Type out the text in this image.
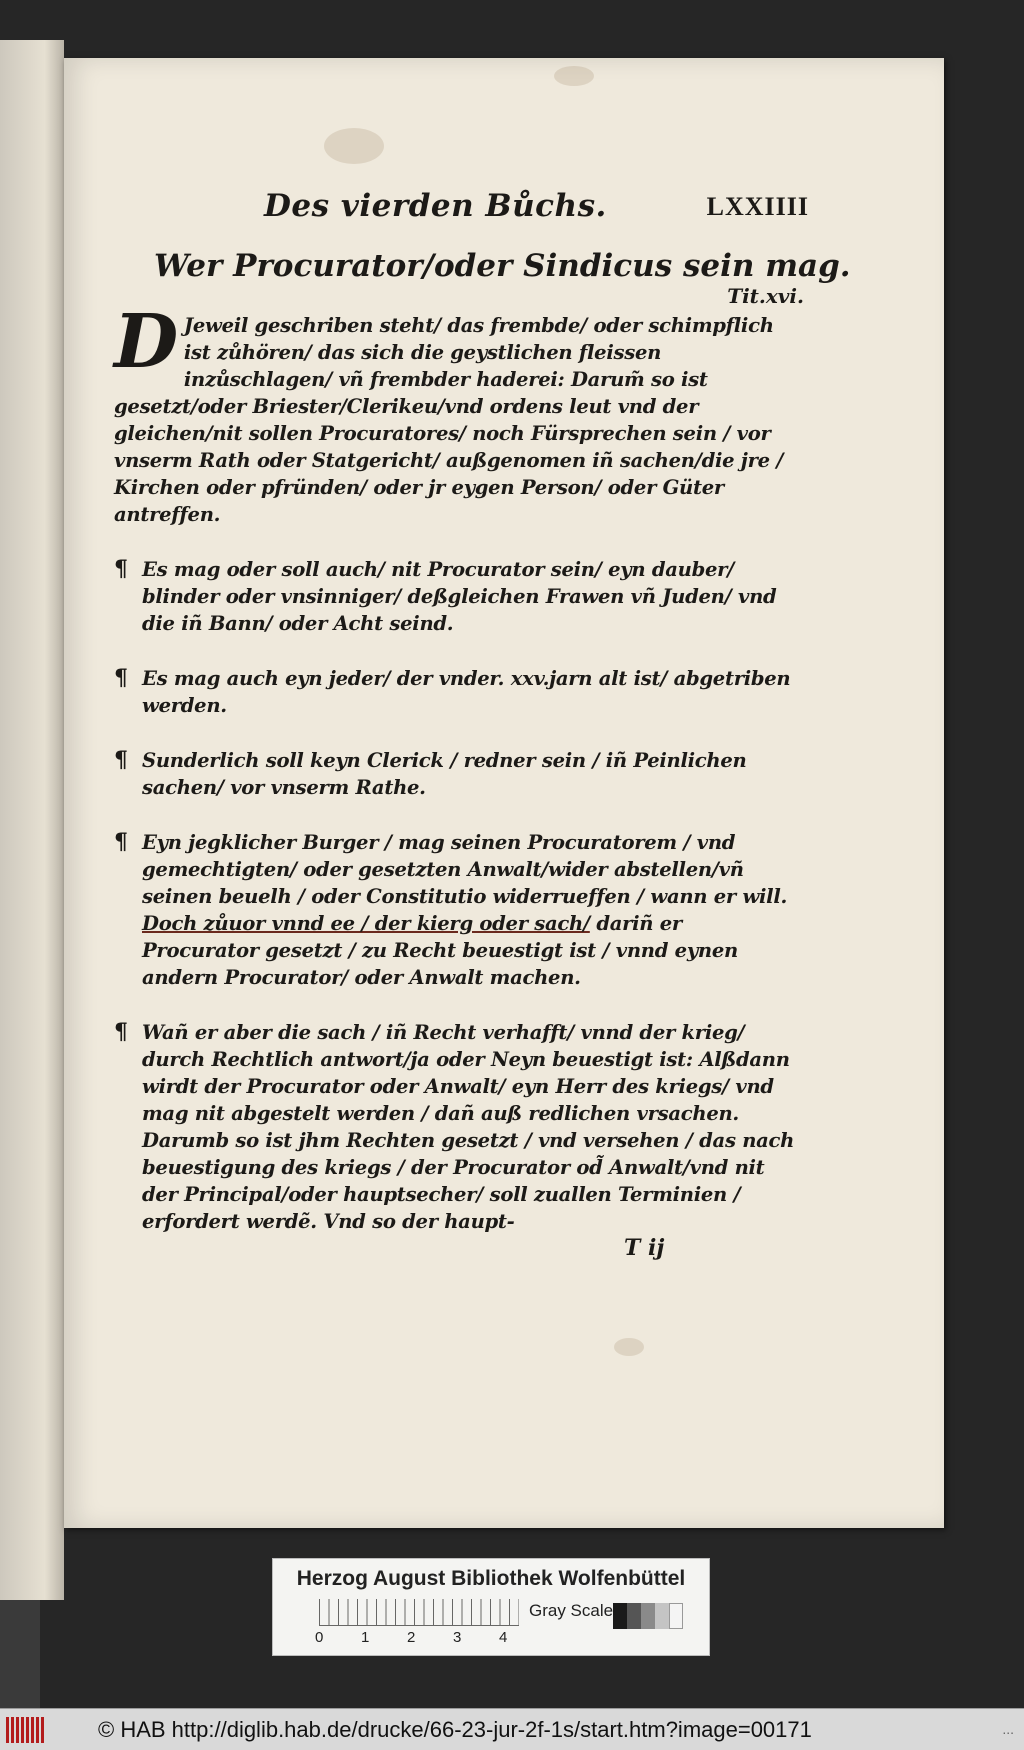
Des vierden Bůchs.	LXXIIII
Wer Procurator/oder Sindicus sein mag.
Tit.xvi.

D Jeweil geschriben steht/ das frembde/ oder schimpflich ist zůhören/ das sich die geystlichen fleissen inzůschlagen/ vñ frembder haderei: Darum̃ so ist gesetzt/oder Briester/Clerikeu/vnd ordens leut vnd der gleichen/nit sollen Procuratores/ noch Fürsprechen sein / vor vnserm Rath oder Statgericht/ außgenomen iñ sachen/die jre / Kirchen oder pfründen/ oder jr eygen Person/ oder Güter antreffen.

¶ Es mag oder soll auch/ nit Procurator sein/ eyn dauber/ blinder oder vnsinniger/ deßgleichen Frawen vñ Juden/ vnd die iñ Bann/ oder Acht seind.

¶ Es mag auch eyn jeder/ der vnder. xxv.jarn alt ist/ abgetriben werden.

¶ Sunderlich soll keyn Clerick / redner sein / iñ Peinlichen sachen/ vor vnserm Rathe.

¶ Eyn jegklicher Burger / mag seinen Procuratorem / vnd gemechtigten/ oder gesetzten Anwalt/wider abstellen/vñ seinen beuelh / oder Constitutio widerrueffen / wann er will. Doch zůuor vnnd ee / der kierg oder sach/ dariñ er Procurator gesetzt / zu Recht beuestigt ist / vnnd eynen andern Procurator/ oder Anwalt machen.

¶ Wañ er aber die sach / iñ Recht verhafft/ vnnd der krieg/ durch Rechtlich antwort/ja oder Neyn beuestigt ist: Alßdann wirdt der Procurator oder Anwalt/ eyn Herr des kriegs/ vnd mag nit abgestelt werden / dañ auß redlichen vrsachen. Darumb so ist jhm Rechten gesetzt / vnd versehen / das nach beuestigung des kriegs / der Procurator od̃ Anwalt/vnd nit der Principal/oder hauptsecher/ soll zuallen Terminien / erfordert werdẽ. Vnd so der haupt-

T ij
Herzog August Bibliothek Wolfenbüttel
0	1	2	3	4
Gray Scale
© HAB http://diglib.hab.de/drucke/66-23-jur-2f-1s/start.htm?image=00171	...
